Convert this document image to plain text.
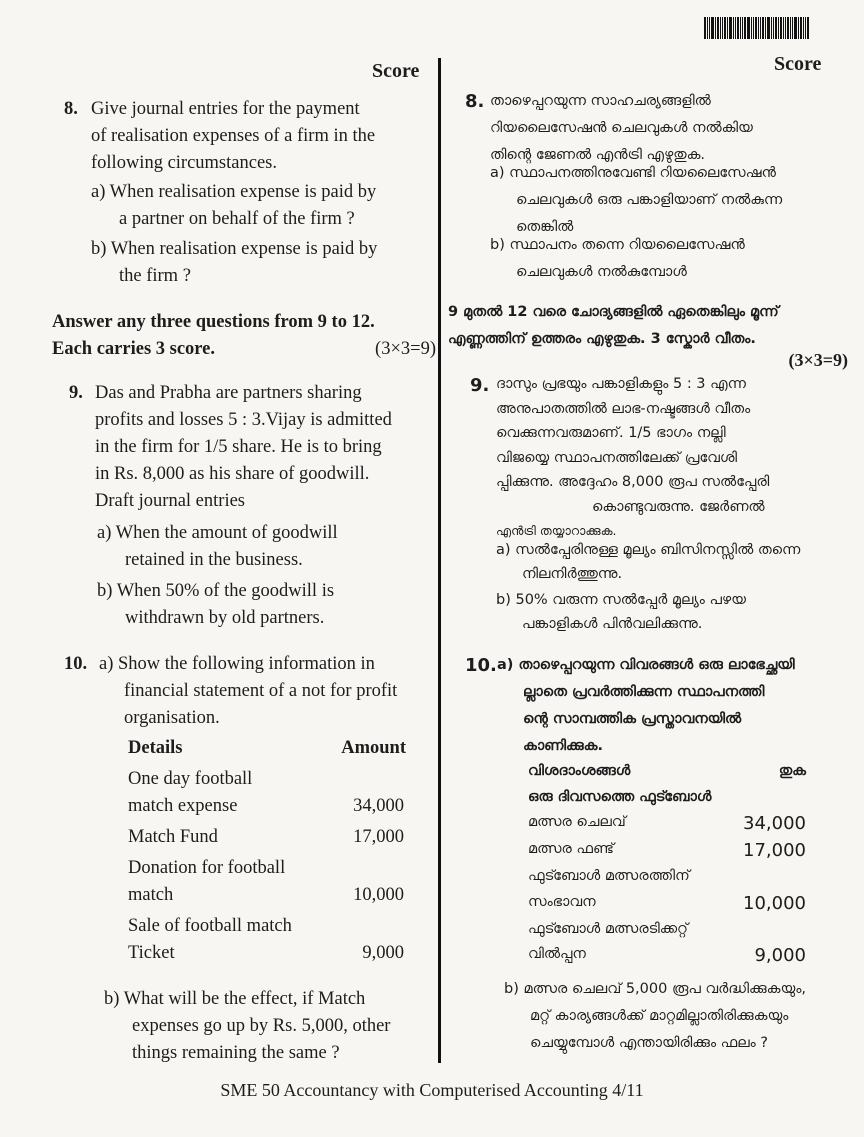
Score	Score
8. Give journal entries for the payment
of realisation expenses of a firm in the
following circumstances.
a) When realisation expense is paid by
a partner on behalf of the firm ?
b) When realisation expense is paid by
the firm ?
Answer any three questions from 9 to 12.
Each carries 3 score.	(3×3=9)
9. Das and Prabha are partners sharing
profits and losses 5 : 3.Vijay is admitted
in the firm for 1/5 share. He is to bring
in Rs. 8,000 as his share of goodwill.
Draft journal entries
a) When the amount of goodwill
retained in the business.
b) When 50% of the goodwill is
withdrawn by old partners.
10. a) Show the following information in
financial statement of a not for profit
organisation.
Details	Amount
One day football
match expense	34,000
Match Fund	17,000
Donation for football
match	10,000
Sale of football match
Ticket	9,000
b) What will be the effect, if Match
expenses go up by Rs. 5,000, other
things remaining the same ?
8. താഴെപ്പറയുന്ന സാഹചര്യങ്ങളിൽ
റിയലൈസേഷൻ ചെലവുകൾ നൽകിയ
തിന്റെ ജേണൽ എൻട്രി എഴുതുക.
a) സ്ഥാപനത്തിനുവേണ്ടി റിയലൈസേഷൻ
ചെലവുകൾ ഒരു പങ്കാളിയാണ് നൽകുന്ന
തെങ്കിൽ
b) സ്ഥാപനം തന്നെ റിയലൈസേഷൻ
ചെലവുകൾ നൽകുമ്പോൾ
9 മുതൽ 12 വരെ ചോദ്യങ്ങളിൽ ഏതെങ്കിലും മൂന്ന്
എണ്ണത്തിന് ഉത്തരം എഴുതുക. 3 സ്കോർ വീതം.
(3×3=9)
9. ദാസും പ്രഭയും പങ്കാളികളും 5 : 3 എന്ന
അനുപാതത്തിൽ ലാഭ-നഷ്ടങ്ങൾ വീതം
വെക്കുന്നവരുമാണ്. 1/5 ഭാഗം നല്ലി
വിജയ്യെ സ്ഥാപനത്തിലേക്ക് പ്രവേശി
പ്പിക്കുന്നു. അദ്ദേഹം 8,000 രൂപ സൽപ്പേരി
കൊണ്ടുവരുന്നു. ജേർണൽ
എൻട്രി തയ്യാറാക്കുക.
a) സൽപ്പേരിനുള്ള മൂല്യം ബിസിനസ്സിൽ തന്നെ
നിലനിർത്തുന്നു.
b) 50% വരുന്ന സൽപ്പേർ മൂല്യം പഴയ
പങ്കാളികൾ പിൻവലിക്കുന്നു.
10. a) താഴെപ്പറയുന്ന വിവരങ്ങൾ ഒരു ലാഭേച്ഛയി
ല്ലാതെ പ്രവർത്തിക്കുന്ന സ്ഥാപനത്തി
ന്റെ സാമ്പത്തിക പ്രസ്താവനയിൽ
കാണിക്കുക.
വിശദാംശങ്ങൾ	തുക
ഒരു ദിവസത്തെ ഫുട്ബോൾ
മത്സര ചെലവ്	34,000
മത്സര ഫണ്ട്	17,000
ഫുട്ബോൾ മത്സരത്തിന്
സംഭാവന	10,000
ഫുട്ബോൾ മത്സരടിക്കറ്റ്
വിൽപ്പന	9,000
b) മത്സര ചെലവ് 5,000 രൂപ വർദ്ധിക്കുകയും,
മറ്റ് കാര്യങ്ങൾക്ക് മാറ്റമില്ലാതിരിക്കുകയും
ചെയ്യുമ്പോൾ എന്തായിരിക്കും ഫലം ?
SME 50 Accountancy with Computerised Accounting 4/11
